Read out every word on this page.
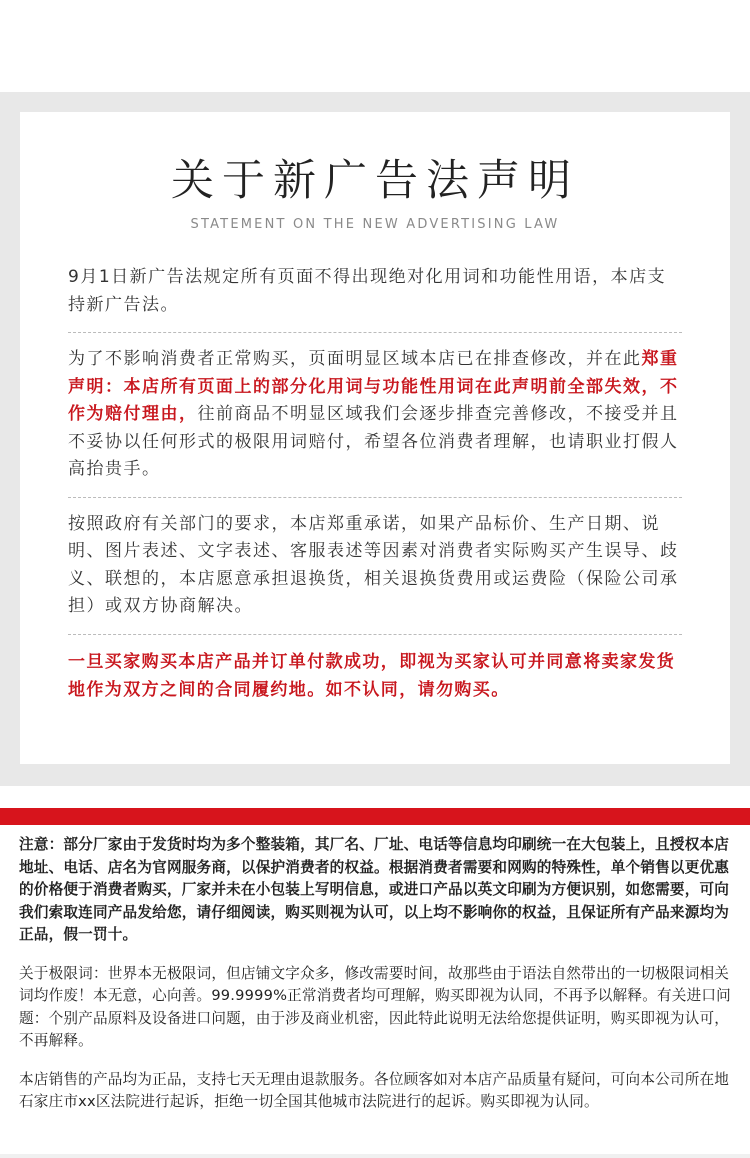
关于新广告法声明
STATEMENT ON THE NEW ADVERTISING LAW

9月1日新广告法规定所有页面不得出现绝对化用词和功能性用语，本店支持新广告法。

为了不影响消费者正常购买，页面明显区域本店已在排查修改，并在此郑重声明：本店所有页面上的部分化用词与功能性用词在此声明前全部失效，不作为赔付理由，往前商品不明显区域我们会逐步排查完善修改，不接受并且不妥协以任何形式的极限用词赔付，希望各位消费者理解，也请职业打假人高抬贵手。

按照政府有关部门的要求，本店郑重承诺，如果产品标价、生产日期、说明、图片表述、文字表述、客服表述等因素对消费者实际购买产生误导、歧义、联想的，本店愿意承担退换货，相关退换货费用或运费险（保险公司承担）或双方协商解决。

一旦买家购买本店产品并订单付款成功，即视为买家认可并同意将卖家发货地作为双方之间的合同履约地。如不认同，请勿购买。

注意：部分厂家由于发货时均为多个整装箱，其厂名、厂址、电话等信息均印刷统一在大包装上，且授权本店地址、电话、店名为官网服务商，以保护消费者的权益。根据消费者需要和网购的特殊性，单个销售以更优惠的价格便于消费者购买，厂家并未在小包装上写明信息，或进口产品以英文印刷为方便识别，如您需要，可向我们索取连同产品发给您，请仔细阅读，购买则视为认可，以上均不影响你的权益，且保证所有产品来源均为正品，假一罚十。

关于极限词：世界本无极限词，但店铺文字众多，修改需要时间，故那些由于语法自然带出的一切极限词相关词均作废！本无意，心向善。99.9999%正常消费者均可理解，购买即视为认同，不再予以解释。有关进口问题：个别产品原料及设备进口问题，由于涉及商业机密，因此特此说明无法给您提供证明，购买即视为认可，不再解释。

本店销售的产品均为正品，支持七天无理由退款服务。各位顾客如对本店产品质量有疑问，可向本公司所在地石家庄市xx区法院进行起诉，拒绝一切全国其他城市法院进行的起诉。购买即视为认同。
